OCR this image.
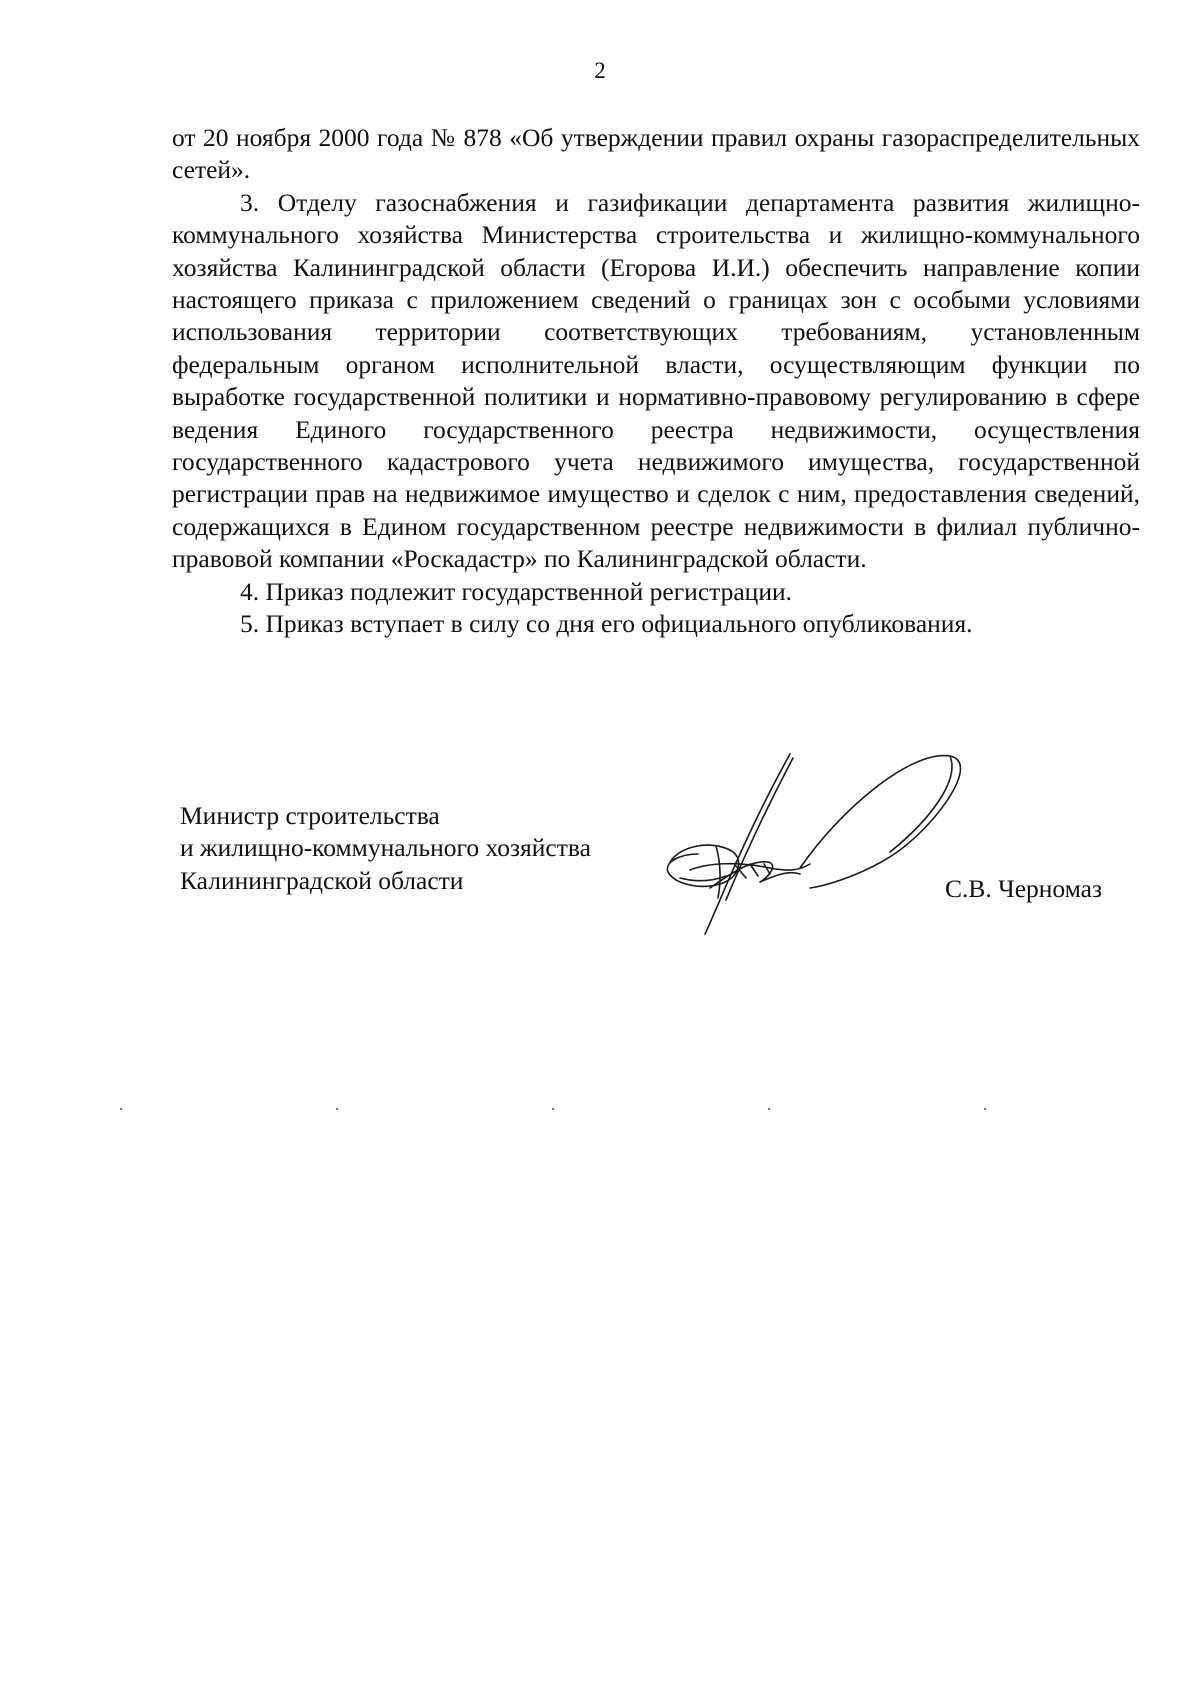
2

от 20 ноября 2000 года № 878 «Об утверждении правил охраны газораспределительных сетей».

3. Отделу газоснабжения и газификации департамента развития жилищно-коммунального хозяйства Министерства строительства и жилищно-коммунального хозяйства Калининградской области (Егорова И.И.) обеспечить направление копии настоящего приказа с приложением сведений о границах зон с особыми условиями использования территории соответствующих требованиям, установленным федеральным органом исполнительной власти, осуществляющим функции по выработке государственной политики и нормативно-правовому регулированию в сфере ведения Единого государственного реестра недвижимости, осуществления государственного кадастрового учета недвижимого имущества, государственной регистрации прав на недвижимое имущество и сделок с ним, предоставления сведений, содержащихся в Едином государственном реестре недвижимости в филиал публично-правовой компании «Роскадастр» по Калининградской области.

4. Приказ подлежит государственной регистрации.

5. Приказ вступает в силу со дня его официального опубликования.

Министр строительства
и жилищно-коммунального хозяйства
Калининградской области	С.В. Черномаз
